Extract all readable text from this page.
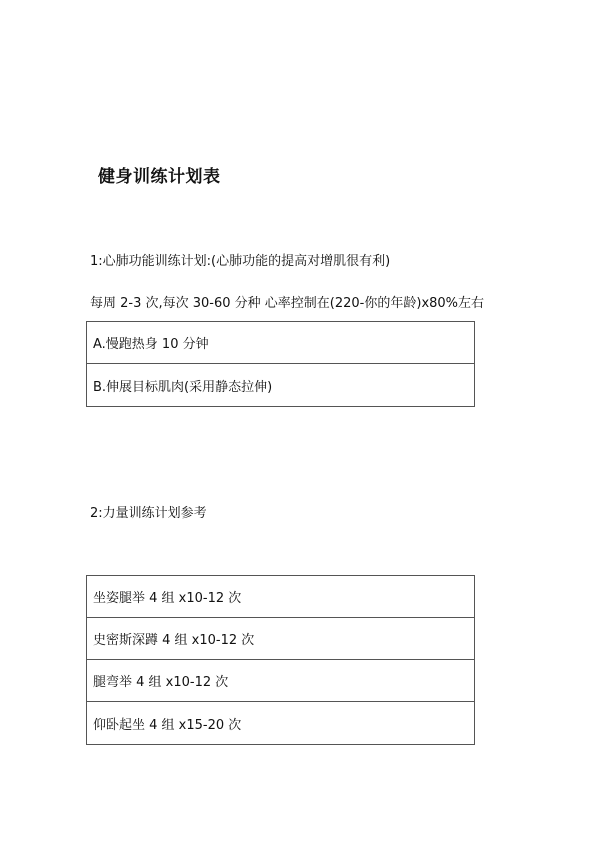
健身训练计划表
1:心肺功能训练计划:(心肺功能的提高对增肌很有利)
每周 2-3 次,每次 30-60 分种 心率控制在(220-你的年龄)x80%左右
A.慢跑热身 10 分钟
B.伸展目标肌肉(采用静态拉伸)
2:力量训练计划参考
坐姿腿举 4 组 x10-12 次
史密斯深蹲 4 组 x10-12 次
腿弯举 4 组 x10-12 次
仰卧起坐 4 组 x15-20 次
